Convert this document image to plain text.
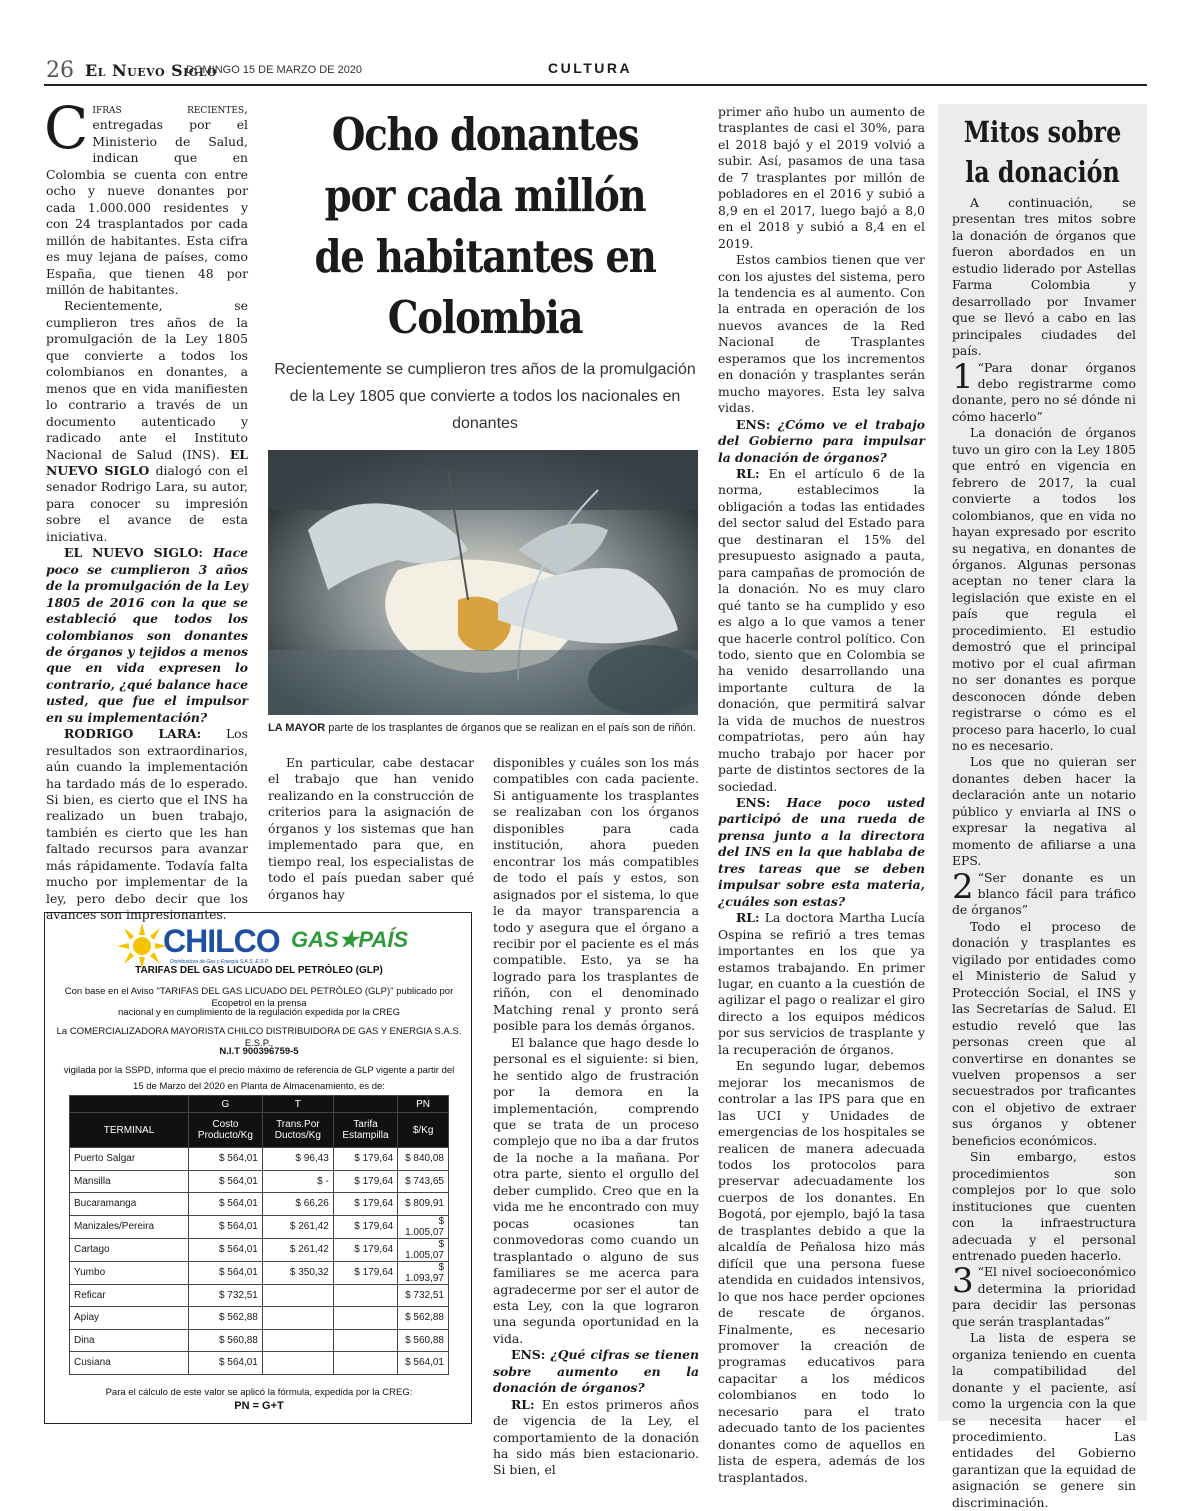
26 El Nuevo Siglo
DOMINGO 15 DE MARZO DE 2020	CULTURA

Cifras recientes, entregadas por el Ministerio de Salud, indican que en Colombia se cuenta con entre ocho y nueve donantes por cada 1.000.000 residentes y con 24 trasplantados por cada millón de habitantes. Esta cifra es muy lejana de países, como España, que tienen 48 por millón de habitantes.

Recientemente, se cumplieron tres años de la promulgación de la Ley 1805 que convierte a todos los colombianos en donantes, a menos que en vida manifiesten lo contrario a través de un documento autenticado y radicado ante el Instituto Nacional de Salud (INS). EL NUEVO SIGLO dialogó con el senador Rodrigo Lara, su autor, para conocer su impresión sobre el avance de esta iniciativa.

EL NUEVO SIGLO: Hace poco se cumplieron 3 años de la promulgación de la Ley 1805 de 2016 con la que se estableció que todos los colombianos son donantes de órganos y tejidos a menos que en vida expresen lo contrario, ¿qué balance hace usted, que fue el impulsor en su implementación?

RODRIGO LARA: Los resultados son extraordinarios, aún cuando la implementación ha tardado más de lo esperado. Si bien, es cierto que el INS ha realizado un buen trabajo, también es cierto que les han faltado recursos para avanzar más rápidamente. Todavía falta mucho por implementar de la ley, pero debo decir que los avances son impresionantes.

Ocho donantes por cada millón de habitantes en Colombia
Recientemente se cumplieron tres años de la promulgación de la Ley 1805 que convierte a todos los nacionales en donantes
LA MAYOR parte de los trasplantes de órganos que se realizan en el país son de riñón.

En particular, cabe destacar el trabajo que han venido realizando en la construcción de criterios para la asignación de órganos y los sistemas que han implementado para que, en tiempo real, los especialistas de todo el país puedan saber qué órganos hay

disponibles y cuáles son los más compatibles con cada paciente. Si antiguamente los trasplantes se realizaban con los órganos disponibles para cada institución, ahora pueden encontrar los más compatibles de todo el país y estos, son asignados por el sistema, lo que le da mayor transparencia a todo y asegura que el órgano a recibir por el paciente es el más compatible. Esto, ya se ha logrado para los trasplantes de riñón, con el denominado Matching renal y pronto será posible para los demás órganos.

El balance que hago desde lo personal es el siguiente: si bien, he sentido algo de frustración por la demora en la implementación, comprendo que se trata de un proceso complejo que no iba a dar frutos de la noche a la mañana. Por otra parte, siento el orgullo del deber cumplido. Creo que en la vida me he encontrado con muy pocas ocasiones tan conmovedoras como cuando un trasplantado o alguno de sus familiares se me acerca para agradecerme por ser el autor de esta Ley, con la que lograron una segunda oportunidad en la vida.

ENS: ¿Qué cifras se tienen sobre aumento en la donación de órganos?

RL: En estos primeros años de vigencia de la Ley, el comportamiento de la donación ha sido más bien estacionario. Si bien, el

primer año hubo un aumento de trasplantes de casi el 30%, para el 2018 bajó y el 2019 volvió a subir. Así, pasamos de una tasa de 7 trasplantes por millón de pobladores en el 2016 y subió a 8,9 en el 2017, luego bajó a 8,0 en el 2018 y subió a 8,4 en el 2019.

Estos cambios tienen que ver con los ajustes del sistema, pero la tendencia es al aumento. Con la entrada en operación de los nuevos avances de la Red Nacional de Trasplantes esperamos que los incrementos en donación y trasplantes serán mucho mayores. Esta ley salva vidas.

ENS: ¿Cómo ve el trabajo del Gobierno para impulsar la donación de órganos?

RL: En el artículo 6 de la norma, establecimos la obligación a todas las entidades del sector salud del Estado para que destinaran el 15% del presupuesto asignado a pauta, para campañas de promoción de la donación. No es muy claro qué tanto se ha cumplido y eso es algo a lo que vamos a tener que hacerle control político. Con todo, siento que en Colombia se ha venido desarrollando una importante cultura de la donación, que permitirá salvar la vida de muchos de nuestros compatriotas, pero aún hay mucho trabajo por hacer por parte de distintos sectores de la sociedad.

ENS: Hace poco usted participó de una rueda de prensa junto a la directora del INS en la que hablaba de tres tareas que se deben impulsar sobre esta materia, ¿cuáles son estas?

RL: La doctora Martha Lucía Ospina se refirió a tres temas importantes en los que ya estamos trabajando. En primer lugar, en cuanto a la cuestión de agilizar el pago o realizar el giro directo a los equipos médicos por sus servicios de trasplante y la recuperación de órganos.

En segundo lugar, debemos mejorar los mecanismos de controlar a las IPS para que en las UCI y Unidades de emergencias de los hospitales se realicen de manera adecuada todos los protocolos para preservar adecuadamente los cuerpos de los donantes. En Bogotá, por ejemplo, bajó la tasa de trasplantes debido a que la alcaldía de Peñalosa hizo más difícil que una persona fuese atendida en cuidados intensivos, lo que nos hace perder opciones de rescate de órganos. Finalmente, es necesario promover la creación de programas educativos para capacitar a los médicos colombianos en todo lo necesario para el trato adecuado tanto de los pacientes donantes como de aquellos en lista de espera, además de los trasplantados.

Mitos sobre la donación

A continuación, se presentan tres mitos sobre la donación de órganos que fueron abordados en un estudio liderado por Astellas Farma Colombia y desarrollado por Invamer que se llevó a cabo en las principales ciudades del país.

1 “Para donar órganos debo registrarme como donante, pero no sé dónde ni cómo hacerlo”

La donación de órganos tuvo un giro con la Ley 1805 que entró en vigencia en febrero de 2017, la cual convierte a todos los colombianos, que en vida no hayan expresado por escrito su negativa, en donantes de órganos. Algunas personas aceptan no tener clara la legislación que existe en el país que regula el procedimiento. El estudio demostró que el principal motivo por el cual afirman no ser donantes es porque desconocen dónde deben registrarse o cómo es el proceso para hacerlo, lo cual no es necesario.

Los que no quieran ser donantes deben hacer la declaración ante un notario público y enviarla al INS o expresar la negativa al momento de afiliarse a una EPS.

2 “Ser donante es un blanco fácil para tráfico de órganos”

Todo el proceso de donación y trasplantes es vigilado por entidades como el Ministerio de Salud y Protección Social, el INS y las Secretarías de Salud. El estudio reveló que las personas creen que al convertirse en donantes se vuelven propensos a ser secuestrados por traficantes con el objetivo de extraer sus órganos y obtener beneficios económicos.

Sin embargo, estos procedimientos son complejos por lo que solo instituciones que cuenten con la infraestructura adecuada y el personal entrenado pueden hacerlo.

3 “El nivel socioeconómico determina la prioridad para decidir las personas que serán trasplantadas”

La lista de espera se organiza teniendo en cuenta la compatibilidad del donante y el paciente, así como la urgencia con la que se necesita hacer el procedimiento. Las entidades del Gobierno garantizan que la equidad de asignación se genere sin discriminación.

CHILCO
Distribuidora de Gas y Energía S.A.S. E.S.P.
GAS★PAÍS
TARIFAS DEL GAS LICUADO DEL PETRÓLEO (GLP)
Con base en el Aviso "TARIFAS DEL GAS LICUADO DEL PETRÓLEO (GLP)" publicado por Ecopetrol en la prensa
nacional y en cumplimiento de la regulación expedida por la CREG
La COMERCIALIZADORA MAYORISTA CHILCO DISTRIBUIDORA DE GAS Y ENERGIA S.A.S. E.S.P.,
N.I.T 900396759-5
vigilada por la SSPD, informa que el precio máximo de referencia de GLP vigente a partir del
15 de Marzo del 2020 en Planta de Almacenamiento, es de:
	G	T		PN
TERMINAL	Costo Producto/Kg	Trans.Por Ductos/Kg	Tarifa Estampilla	$/Kg
Puerto Salgar	$ 564,01	$ 96,43	$ 179,64	$ 840,08
Mansilla	$ 564,01	$ -	$ 179,64	$ 743,65
Bucaramanga	$ 564,01	$ 66,26	$ 179,64	$ 809,91
Manizales/Pereira	$ 564,01	$ 261,42	$ 179,64	$ 1.005,07
Cartago	$ 564,01	$ 261,42	$ 179,64	$ 1.005,07
Yumbo	$ 564,01	$ 350,32	$ 179,64	$ 1.093,97
Reficar	$ 732,51			$ 732,51
Apiay	$ 562,88			$ 562,88
Dina	$ 560,88			$ 560,88
Cusiana	$ 564,01			$ 564,01
Para el cálculo de este valor se aplicó la fórmula, expedida por la CREG:
PN = G+T
